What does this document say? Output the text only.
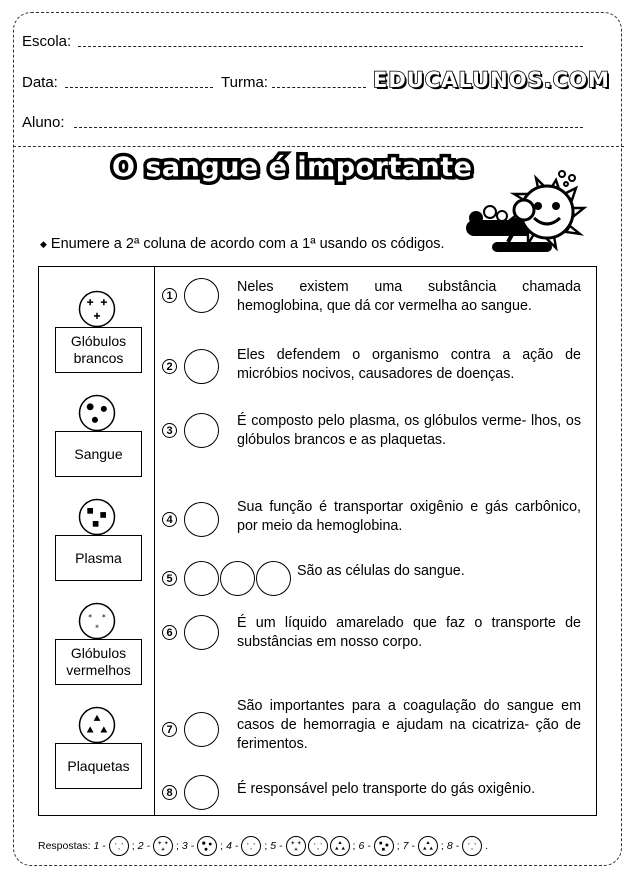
Escola:
Data:	Turma:	EDUCALUNOS.COM
Aluno:
O sangue é importante
◆ Enumere a 2ª coluna de acordo com a 1ª usando os códigos.
Glóbulos brancos
Sangue
Plasma
* *
*
Glóbulos vermelhos
Plaquetas
1
Neles existem uma substância chamada hemoglobina, que dá cor vermelha ao sangue.
2
Eles defendem o organismo contra a ação de micróbios nocivos, causadores de doenças.
3
É composto pelo plasma, os glóbulos verme- lhos, os glóbulos brancos e as plaquetas.
4
Sua função é transportar oxigênio e gás carbônico, por meio da hemoglobina.
5	São as células do sangue.
6
É um líquido amarelado que faz o transporte de substâncias em nosso corpo.
7
São importantes para a coagulação do sangue em casos de hemorragia e ajudam na cicatriza- ção de ferimentos.
8	É responsável pelo transporte do gás oxigênio.
Respostas: 1 - * *
* ; 2 - ; 3 - ; 4 - * *
* ; 5 -	* *
*	; 6 - ; 7 - ; 8 - * *
* .
